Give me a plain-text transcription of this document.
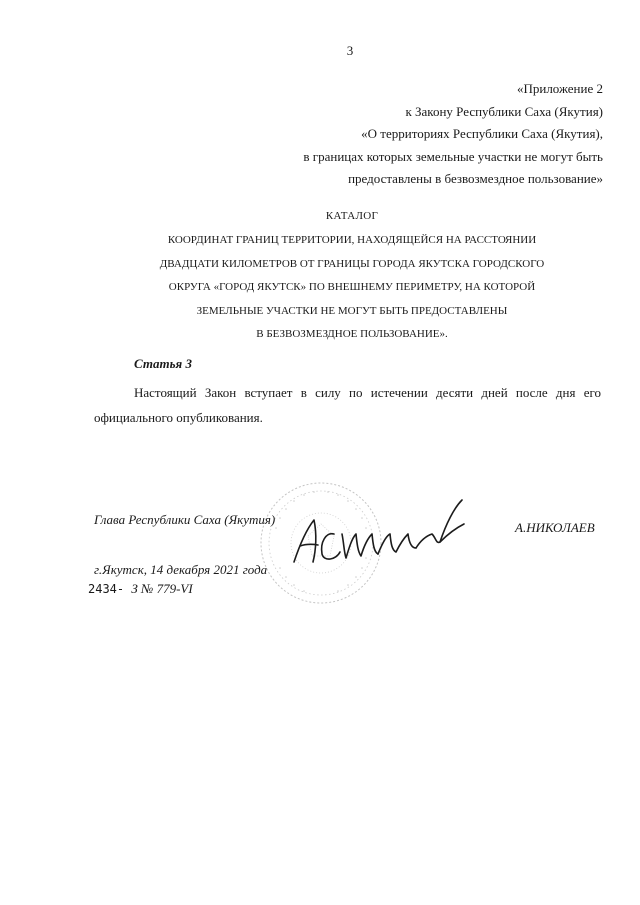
3
«Приложение 2
к Закону Республики Саха (Якутия)
«О территориях Республики Саха (Якутия),
в границах которых земельные участки не могут быть
предоставлены в безвозмездное пользование»
КАТАЛОГ
КООРДИНАТ ГРАНИЦ ТЕРРИТОРИИ, НАХОДЯЩЕЙСЯ НА РАССТОЯНИИ
ДВАДЦАТИ КИЛОМЕТРОВ ОТ ГРАНИЦЫ ГОРОДА ЯКУТСКА ГОРОДСКОГО
ОКРУГА «ГОРОД ЯКУТСК» ПО ВНЕШНЕМУ ПЕРИМЕТРУ, НА КОТОРОЙ
ЗЕМЕЛЬНЫЕ УЧАСТКИ НЕ МОГУТ БЫТЬ ПРЕДОСТАВЛЕНЫ
В БЕЗВОЗМЕЗДНОЕ ПОЛЬЗОВАНИЕ».
Статья 3
Настоящий Закон вступает в силу по истечении десяти дней после дня его официального опубликования.
Глава Республики Саха (Якутия)
А.НИКОЛАЕВ
г.Якутск, 14 декабря 2021 года
2434- З № 779-VI
